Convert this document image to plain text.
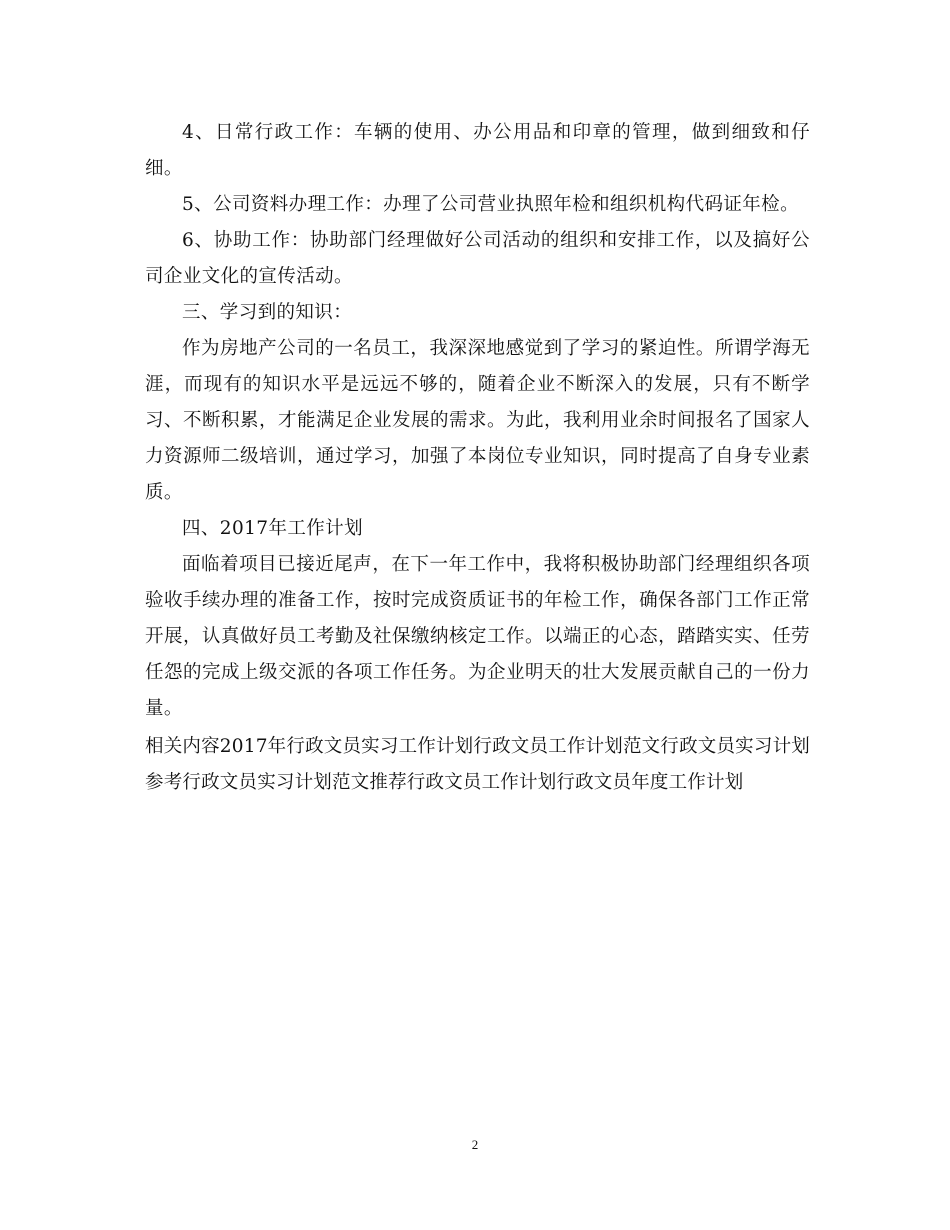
4、日常行政工作：车辆的使用、办公用品和印章的管理，做到细致和仔细。

5、公司资料办理工作：办理了公司营业执照年检和组织机构代码证年检。

6、协助工作：协助部门经理做好公司活动的组织和安排工作，以及搞好公司企业文化的宣传活动。

三、学习到的知识：

作为房地产公司的一名员工，我深深地感觉到了学习的紧迫性。所谓学海无涯，而现有的知识水平是远远不够的，随着企业不断深入的发展，只有不断学习、不断积累，才能满足企业发展的需求。为此，我利用业余时间报名了国家人力资源师二级培训，通过学习，加强了本岗位专业知识，同时提高了自身专业素质。

四、2017年工作计划

面临着项目已接近尾声，在下一年工作中，我将积极协助部门经理组织各项验收手续办理的准备工作，按时完成资质证书的年检工作，确保各部门工作正常开展，认真做好员工考勤及社保缴纳核定工作。以端正的心态，踏踏实实、任劳任怨的完成上级交派的各项工作任务。为企业明天的壮大发展贡献自己的一份力量。

相关内容2017年行政文员实习工作计划行政文员工作计划范文行政文员实习计划参考行政文员实习计划范文推荐行政文员工作计划行政文员年度工作计划

2
